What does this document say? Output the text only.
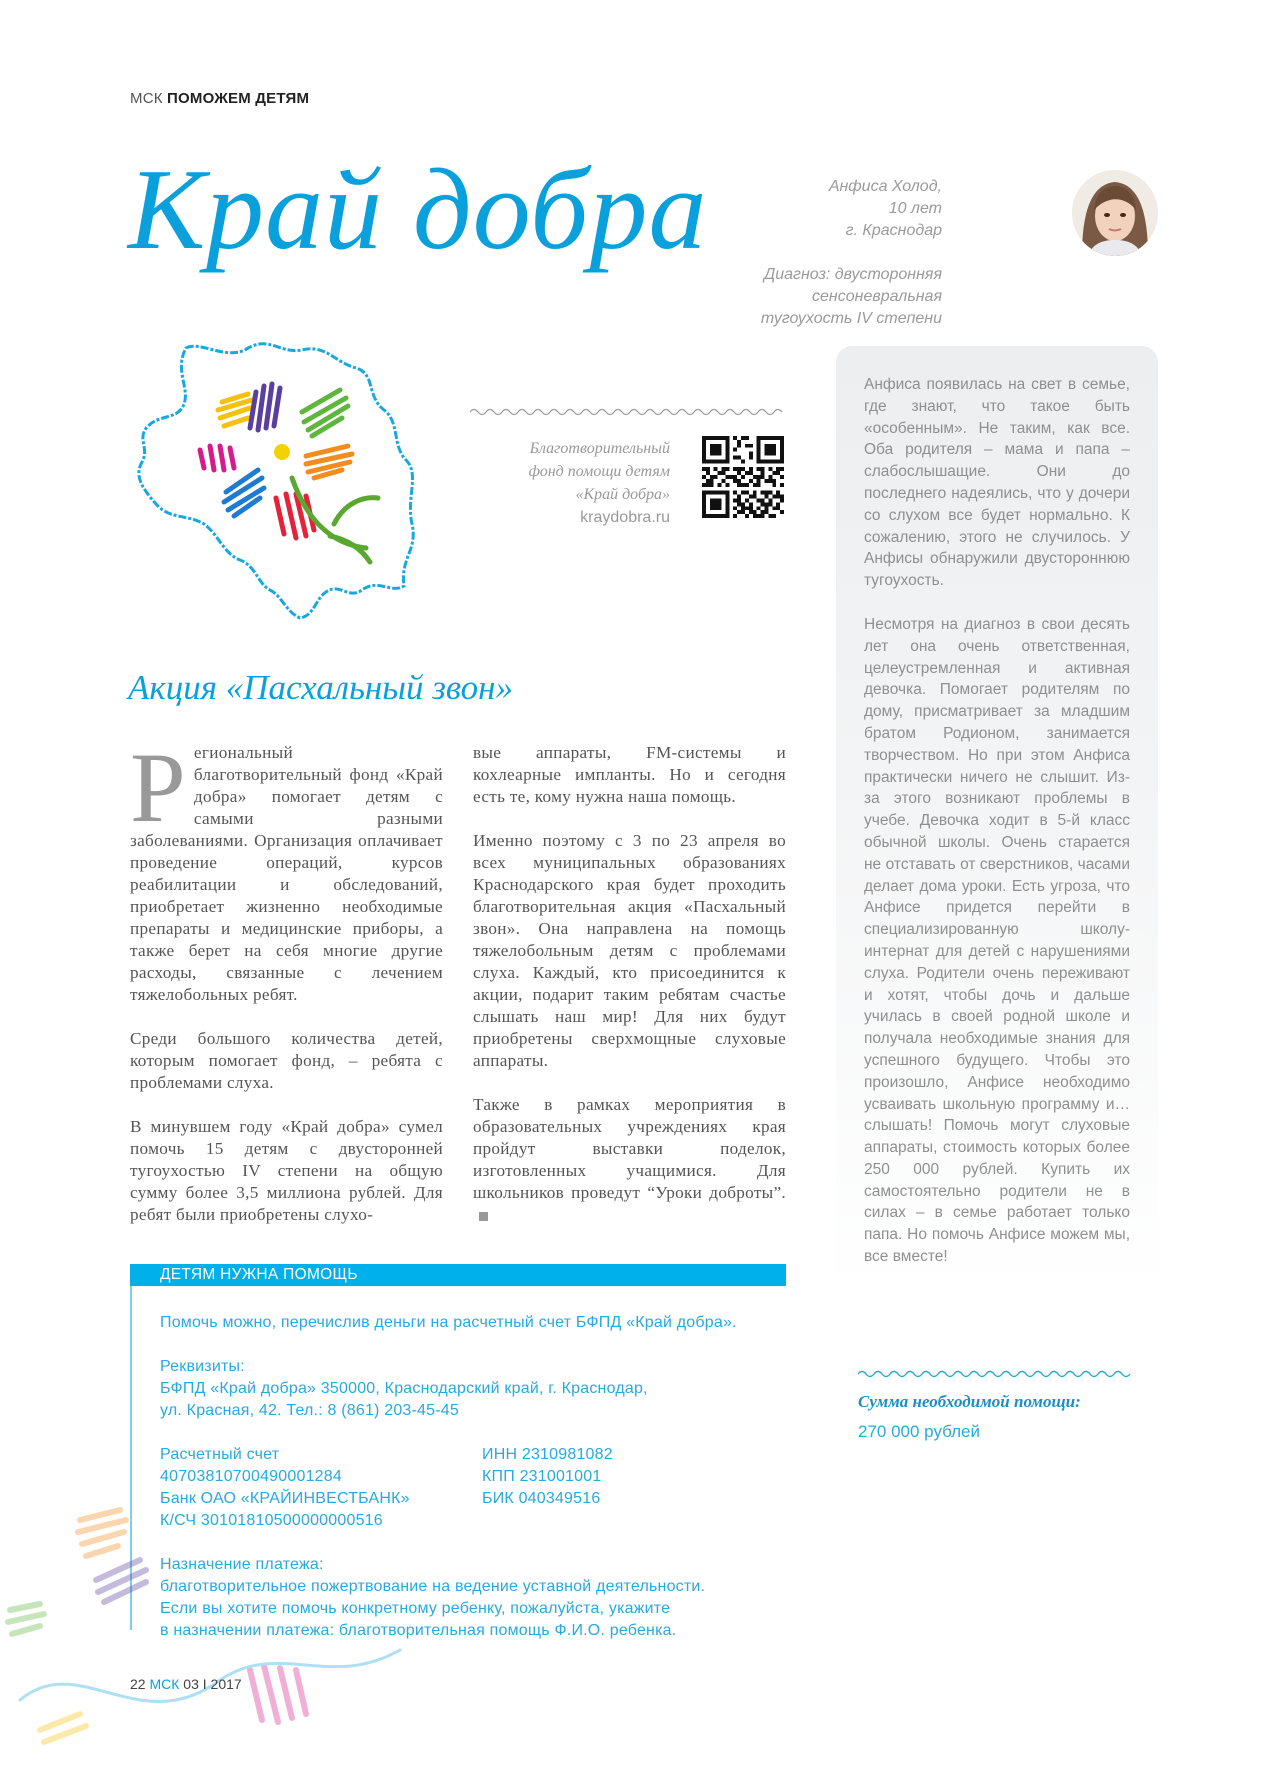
МСК ПОМОЖЕМ ДЕТЯМ
Край добра	Анфиса Холод,
10 лет
г. Краснодар
Диагноз: двусторонняя
сенсоневральная
тугоухость IV степени
Благотворительный
фонд помощи детям
«Край добра»
kraydobra.ru
Акция «Пасхальный звон»

Региональный благотворительный фонд «Край добра» помогает детям с самыми разными заболеваниями. Организация оплачивает проведение операций, курсов реабилитации и обследований, приобретает жизненно необходимые препараты и медицинские приборы, а также берет на себя многие другие расходы, связанные с лечением тяжелобольных ребят.

Среди большого количества детей, которым помогает фонд, – ребята с проблемами слуха.

В минувшем году «Край добра» сумел помочь 15 детям с двусторонней тугоухостью IV степени на общую сумму более 3,5 миллиона рублей. Для ребят были приобретены слухо-

вые аппараты, FM-системы и кохлеарные импланты. Но и сегодня есть те, кому нужна наша помощь.

Именно поэтому с 3 по 23 апреля во всех муниципальных образованиях Краснодарского края будет проходить благотворительная акция «Пасхальный звон». Она направлена на помощь тяжелобольным детям с проблемами слуха. Каждый, кто присоединится к акции, подарит таким ребятам счастье слышать наш мир! Для них будут приобретены сверхмощные слуховые аппараты.

Также в рамках мероприятия в образовательных учреждениях края пройдут выставки поделок, изготовленных учащимися. Для школьников проведут “Уроки доброты”.

Анфиса появилась на свет в семье, где знают, что такое быть «особенным». Не таким, как все. Оба родителя – мама и папа – слабослышащие. Они до последнего надеялись, что у дочери со слухом все будет нормально. К сожалению, этого не случилось. У Анфисы обнаружили двустороннюю тугоухость.

Несмотря на диагноз в свои десять лет она очень ответственная, целеустремленная и активная девочка. Помогает родителям по дому, присматривает за младшим братом Родионом, занимается творчеством. Но при этом Анфиса практически ничего не слышит. Из-за этого возникают проблемы в учебе. Девочка ходит в 5-й класс обычной школы. Очень старается не отставать от сверстников, часами делает дома уроки. Есть угроза, что Анфисе придется перейти в специализированную школу-интернат для детей с нарушениями слуха. Родители очень переживают и хотят, чтобы дочь и дальше училась в своей родной школе и получала необходимые знания для успешного будущего. Чтобы это произошло, Анфисе необходимо усваивать школьную программу и… слышать! Помочь могут слуховые аппараты, стоимость которых более 250 000 рублей. Купить их самостоятельно родители не в силах – в семье работает только папа. Но помочь Анфисе можем мы, все вместе!

ДЕТЯМ НУЖНА ПОМОЩЬ
Помочь можно, перечислив деньги на расчетный счет БФПД «Край добра».
Реквизиты:
БФПД «Край добра» 350000, Краснодарский край, г. Краснодар,
ул. Красная, 42. Тел.: 8 (861) 203-45-45
Расчетный счет
40703810700490001284
Банк ОАО «КРАЙИНВЕСТБАНК»
К/СЧ 30101810500000000516
ИНН 2310981082
КПП 231001001
БИК 040349516
Назначение платежа:
благотворительное пожертвование на ведение уставной деятельности.
Если вы хотите помочь конкретному ребенку, пожалуйста, укажите
в назначении платежа: благотворительная помощь Ф.И.О. ребенка.
Сумма необходимой помощи:
270 000 рублей
22 МСК 03 I 2017
